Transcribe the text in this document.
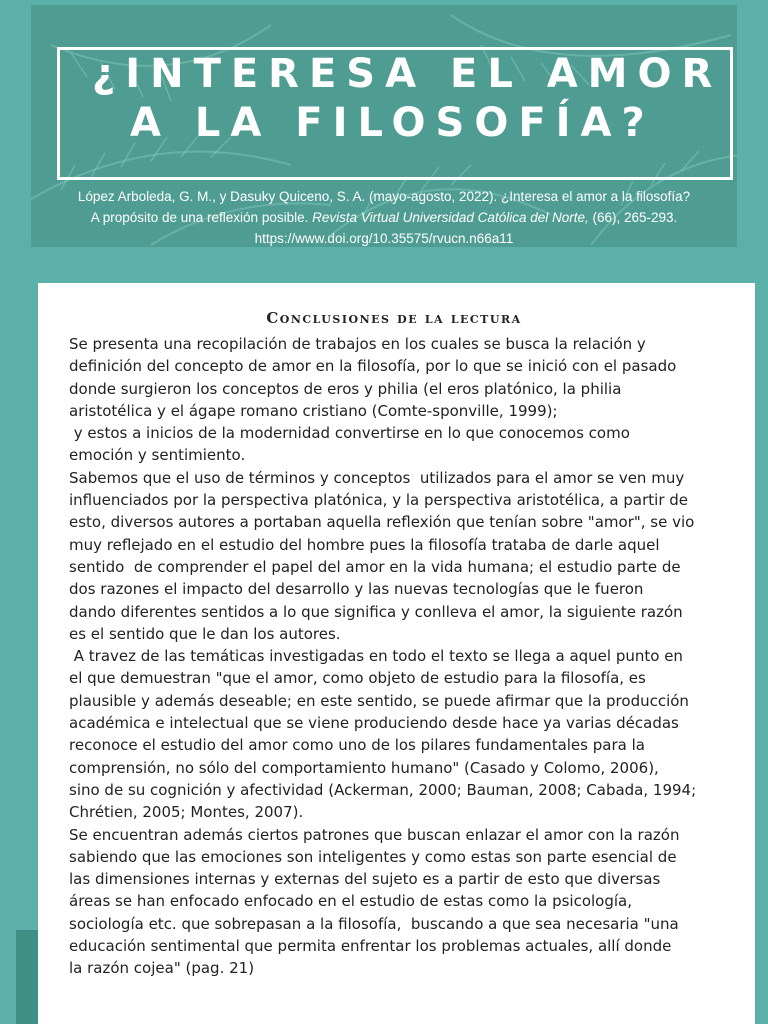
¿INTERESA EL AMOR
A LA FILOSOFÍA?
López Arboleda, G. M., y Dasuky Quiceno, S. A. (mayo-agosto, 2022). ¿Interesa el amor a la filosofía?
A propósito de una reflexión posible. Revista Virtual Universidad Católica del Norte, (66), 265-293.
https://www.doi.org/10.35575/rvucn.n66a11
Conclusiones de la lectura
Se presenta una recopilación de trabajos en los cuales se busca la relación y
definición del concepto de amor en la filosofía, por lo que se inició con el pasado
donde surgieron los conceptos de eros y philia (el eros platónico, la philia
aristotélica y el ágape romano cristiano (Comte-sponville, 1999);
y estos a inicios de la modernidad convertirse en lo que conocemos como
emoción y sentimiento.
Sabemos que el uso de términos y conceptos  utilizados para el amor se ven muy
influenciados por la perspectiva platónica, y la perspectiva aristotélica, a partir de
esto, diversos autores a portaban aquella reflexión que tenían sobre "amor", se vio
muy reflejado en el estudio del hombre pues la filosofía trataba de darle aquel
sentido  de comprender el papel del amor en la vida humana; el estudio parte de
dos razones el impacto del desarrollo y las nuevas tecnologías que le fueron
dando diferentes sentidos a lo que significa y conlleva el amor, la siguiente razón
es el sentido que le dan los autores.
A travez de las temáticas investigadas en todo el texto se llega a aquel punto en
el que demuestran "que el amor, como objeto de estudio para la filosofía, es
plausible y además deseable; en este sentido, se puede afirmar que la producción
académica e intelectual que se viene produciendo desde hace ya varias décadas
reconoce el estudio del amor como uno de los pilares fundamentales para la
comprensión, no sólo del comportamiento humano" (Casado y Colomo, 2006),
sino de su cognición y afectividad (Ackerman, 2000; Bauman, 2008; Cabada, 1994;
Chrétien, 2005; Montes, 2007).
Se encuentran además ciertos patrones que buscan enlazar el amor con la razón
sabiendo que las emociones son inteligentes y como estas son parte esencial de
las dimensiones internas y externas del sujeto es a partir de esto que diversas
áreas se han enfocado enfocado en el estudio de estas como la psicología,
sociología etc. que sobrepasan a la filosofía,  buscando a que sea necesaria "una
educación sentimental que permita enfrentar los problemas actuales, allí donde
la razón cojea" (pag. 21)
